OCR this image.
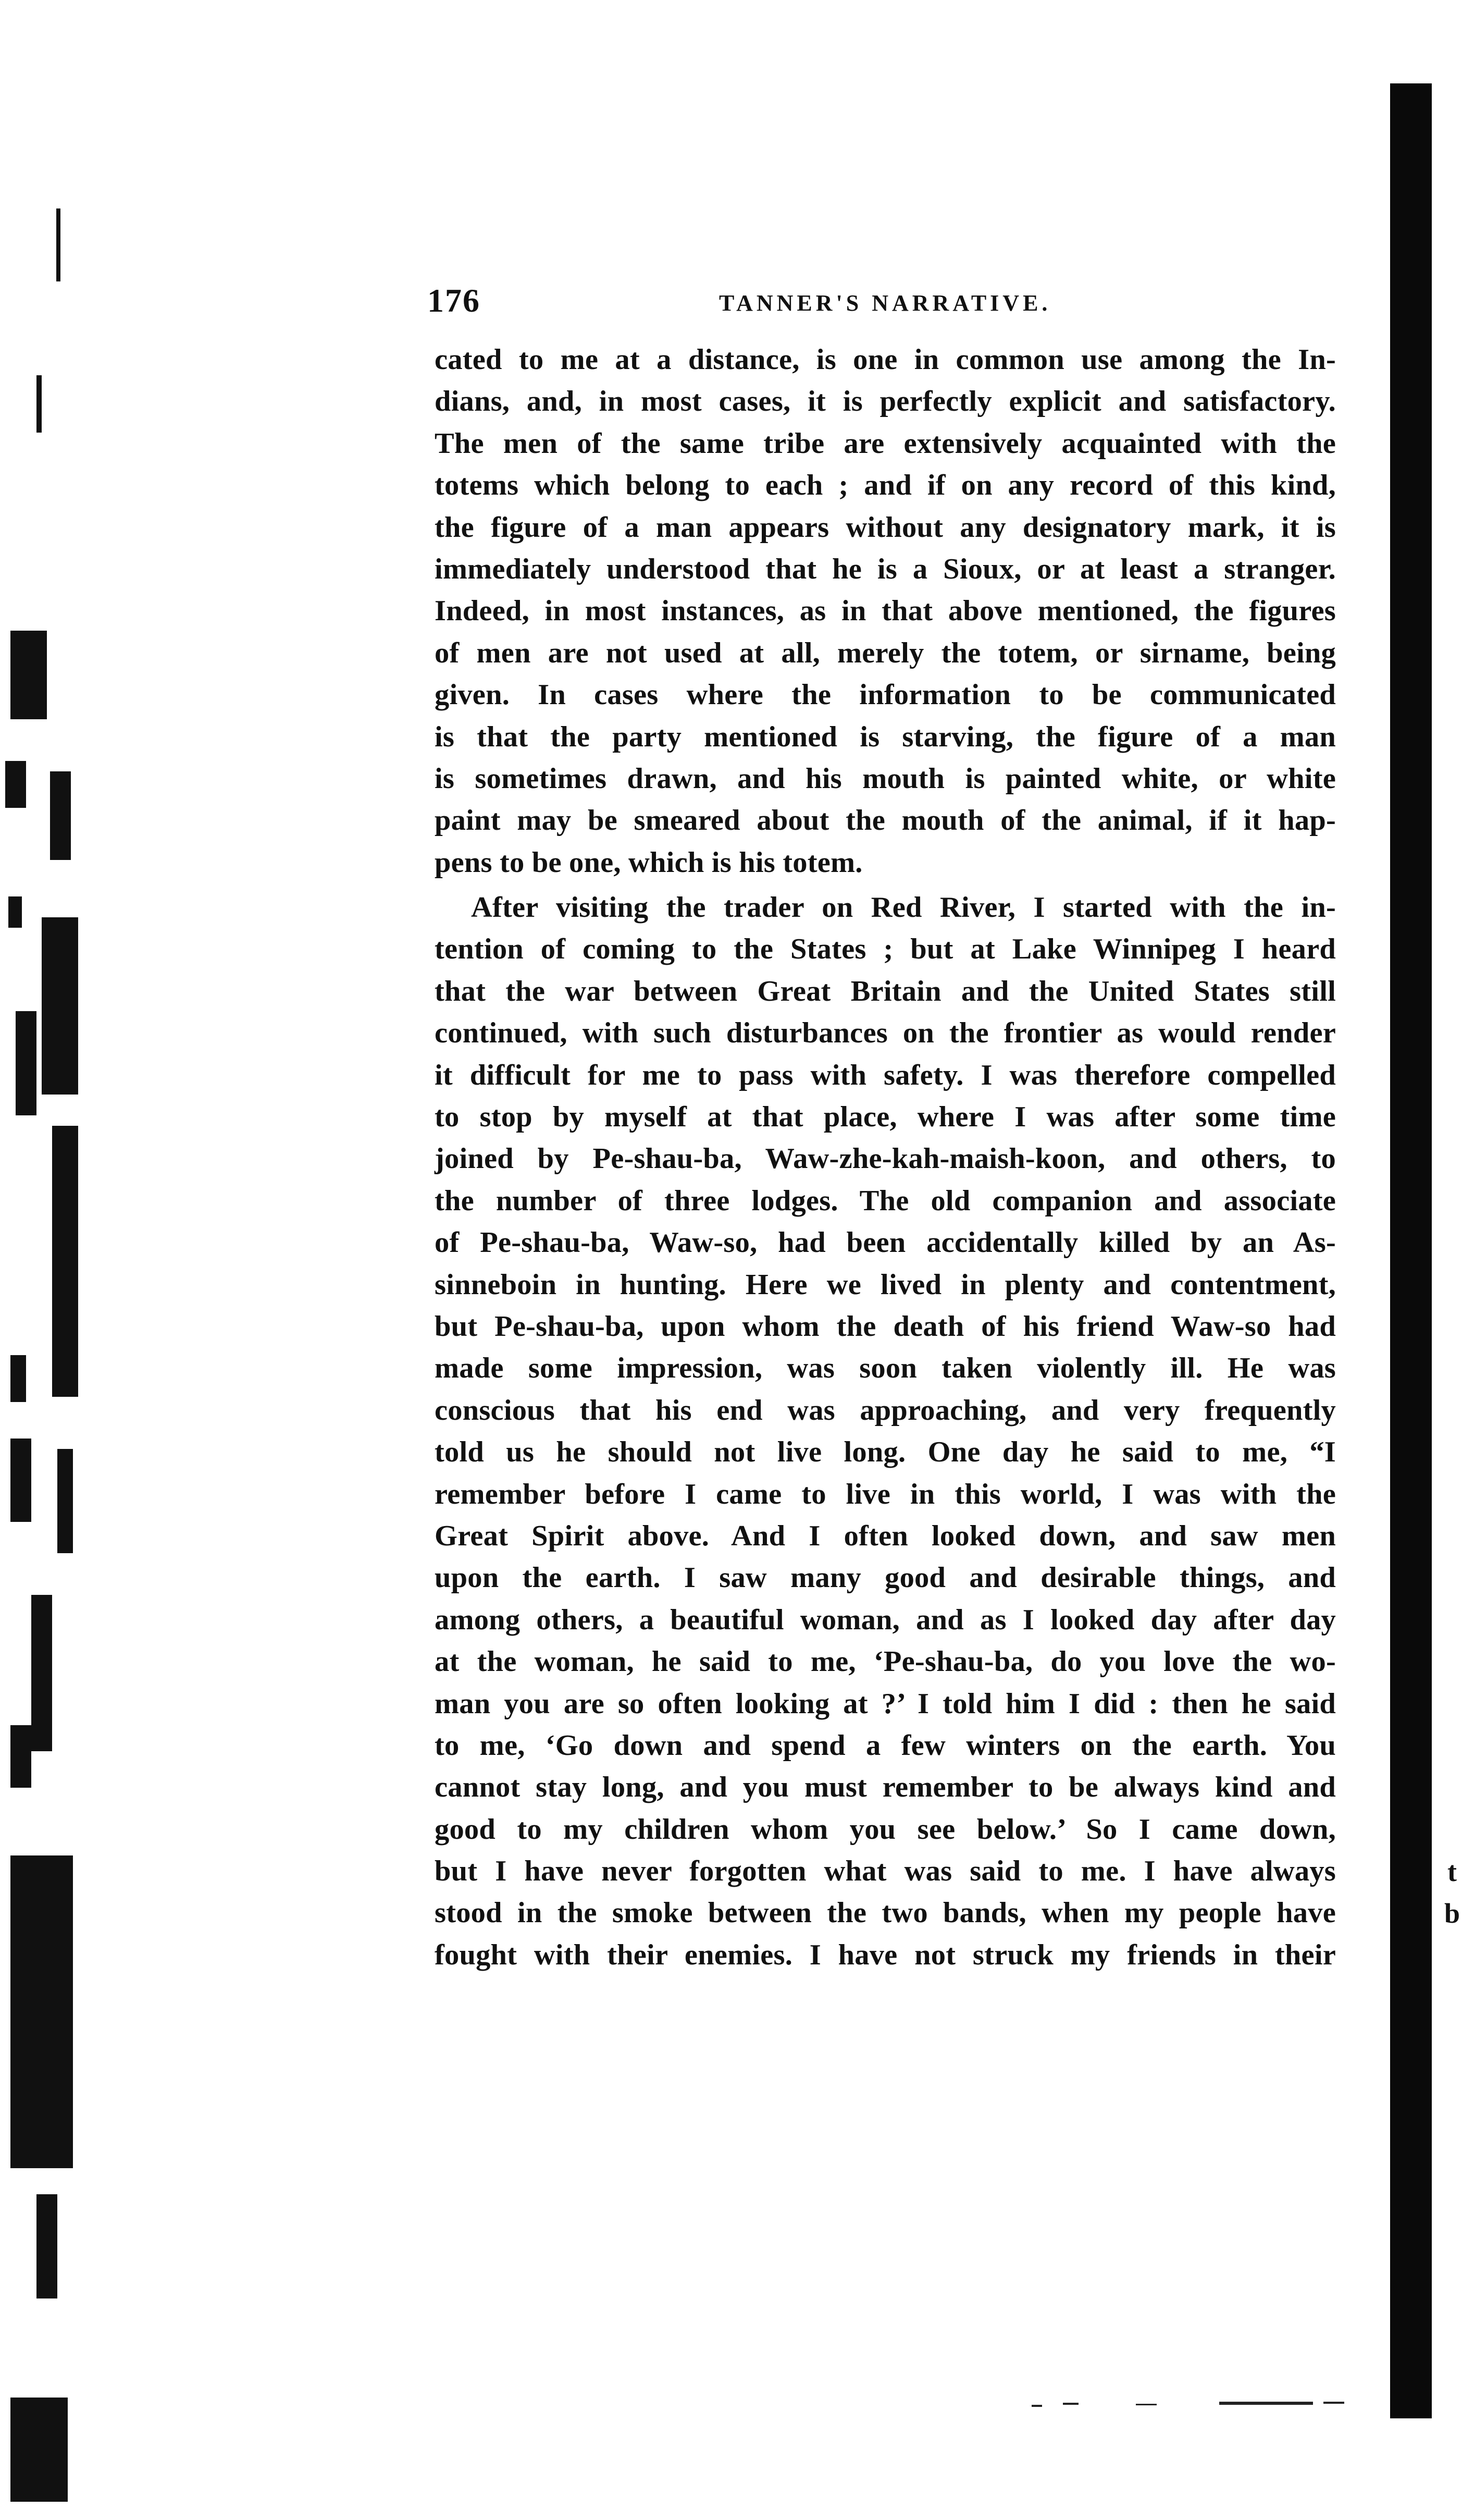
t
b
176	TANNER'S NARRATIVE.
cated to me at a distance, is one in common use among the In-
dians, and, in most cases, it is perfectly explicit and satisfactory.
The men of the same tribe are extensively acquainted with the
totems which belong to each ; and if on any record of this kind,
the figure of a man appears without any designatory mark, it is
immediately understood that he is a Sioux, or at least a stranger.
Indeed, in most instances, as in that above mentioned, the figures
of men are not used at all, merely the totem, or sirname, being
given. In cases where the information to be communicated
is that the party mentioned is starving, the figure of a man
is sometimes drawn, and his mouth is painted white, or white
paint may be smeared about the mouth of the animal, if it hap-
pens to be one, which is his totem.
After visiting the trader on Red River, I started with the in-
tention of coming to the States ; but at Lake Winnipeg I heard
that the war between Great Britain and the United States still
continued, with such disturbances on the frontier as would render
it difficult for me to pass with safety. I was therefore compelled
to stop by myself at that place, where I was after some time
joined by Pe-shau-ba, Waw-zhe-kah-maish-koon, and others, to
the number of three lodges. The old companion and associate
of Pe-shau-ba, Waw-so, had been accidentally killed by an As-
sinneboin in hunting. Here we lived in plenty and contentment,
but Pe-shau-ba, upon whom the death of his friend Waw-so had
made some impression, was soon taken violently ill. He was
conscious that his end was approaching, and very frequently
told us he should not live long. One day he said to me, “I
remember before I came to live in this world, I was with the
Great Spirit above. And I often looked down, and saw men
upon the earth. I saw many good and desirable things, and
among others, a beautiful woman, and as I looked day after day
at the woman, he said to me, ‘Pe-shau-ba, do you love the wo-
man you are so often looking at ?’ I told him I did : then he said
to me, ‘Go down and spend a few winters on the earth. You
cannot stay long, and you must remember to be always kind and
good to my children whom you see below.’ So I came down,
but I have never forgotten what was said to me. I have always
stood in the smoke between the two bands, when my people have
fought with their enemies. I have not struck my friends in their
